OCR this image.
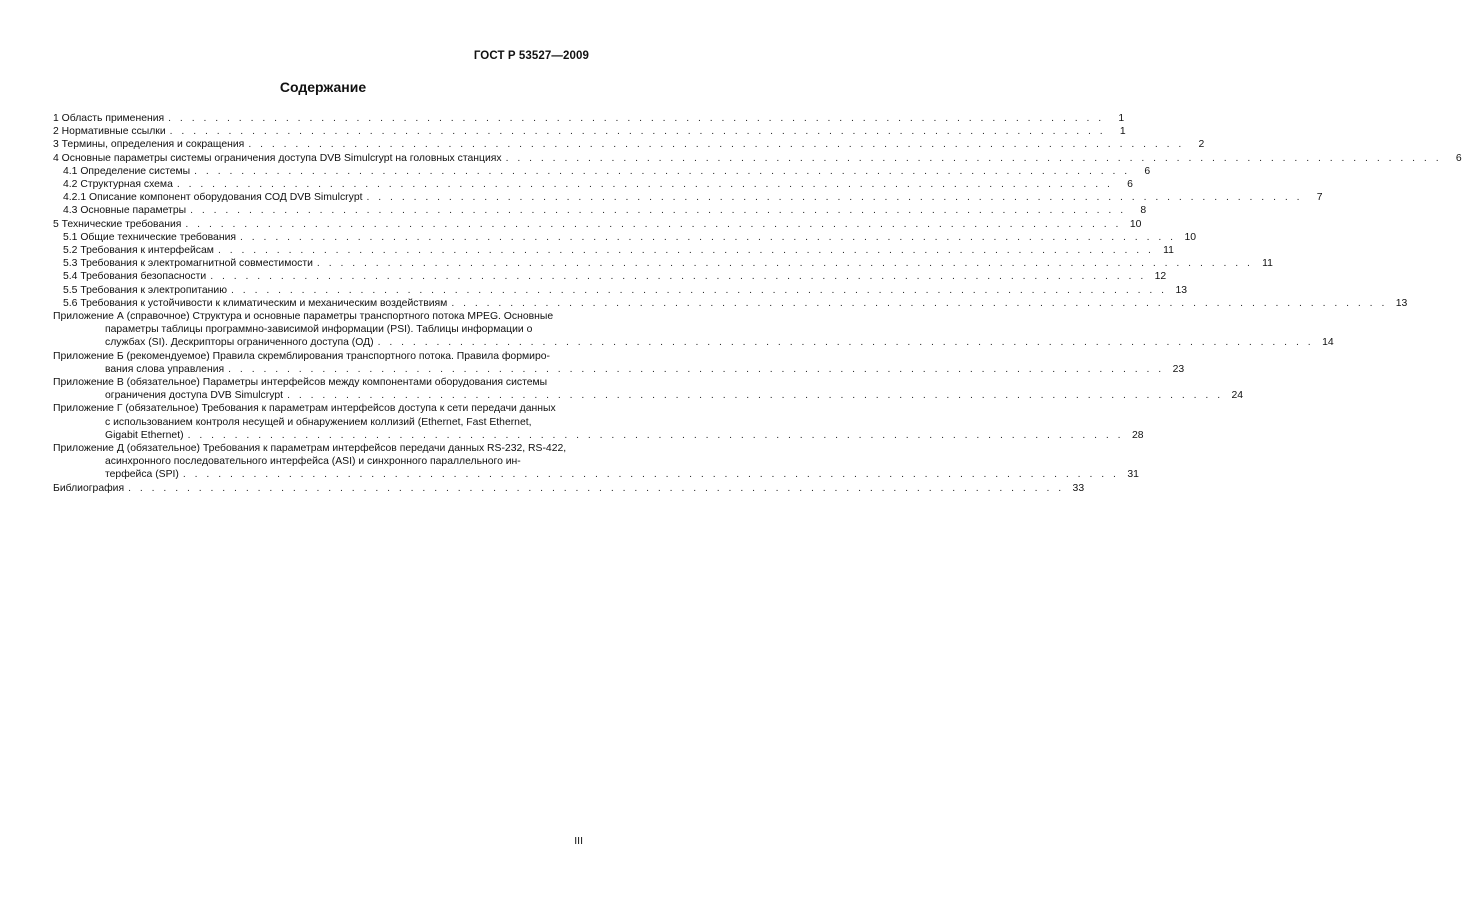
ГОСТ Р 53527—2009
Содержание
1 Область применения . . . . . . . . . . . . . . . . . . . . . . . . . . . . . . . . . . . . . . . . . . . . . . . . . . . . . . . . . . . . . . . . . . . . . . . . . . . . . . . .	1
2 Нормативные ссылки . . . . . . . . . . . . . . . . . . . . . . . . . . . . . . . . . . . . . . . . . . . . . . . . . . . . . . . . . . . . . . . . . . . . . . . . . . . . . . . .	1
3 Термины, определения и сокращения . . . . . . . . . . . . . . . . . . . . . . . . . . . . . . . . . . . . . . . . . . . . . . . . . . . . . . . . . . . . . . . . . . . . . . . . . . . . . . . .	2
4 Основные параметры системы ограничения доступа DVB Simulcrypt на головных станциях . . . . . . . . . . . . . . . . . . . . . . . . . . . . . . . . . . . . . . . . . . . . . . . . . . . . . . . . . . . . . . . . . . . . . . . . . . . . . . . .	6
4.1 Определение системы . . . . . . . . . . . . . . . . . . . . . . . . . . . . . . . . . . . . . . . . . . . . . . . . . . . . . . . . . . . . . . . . . . . . . . . . . . . . . . . .	6
4.2 Структурная схема . . . . . . . . . . . . . . . . . . . . . . . . . . . . . . . . . . . . . . . . . . . . . . . . . . . . . . . . . . . . . . . . . . . . . . . . . . . . . . . .	6
4.2.1 Описание компонент оборудования СОД DVB Simulcrypt . . . . . . . . . . . . . . . . . . . . . . . . . . . . . . . . . . . . . . . . . . . . . . . . . . . . . . . . . . . . . . . . . . . . . . . . . . . . . . . .	7
4.3 Основные параметры . . . . . . . . . . . . . . . . . . . . . . . . . . . . . . . . . . . . . . . . . . . . . . . . . . . . . . . . . . . . . . . . . . . . . . . . . . . . . . . .	8
5 Технические требования . . . . . . . . . . . . . . . . . . . . . . . . . . . . . . . . . . . . . . . . . . . . . . . . . . . . . . . . . . . . . . . . . . . . . . . . . . . . . . . . 10
5.1 Общие технические требования . . . . . . . . . . . . . . . . . . . . . . . . . . . . . . . . . . . . . . . . . . . . . . . . . . . . . . . . . . . . . . . . . . . . . . . . . . . . . . . . 10
5.2 Требования к интерфейсам . . . . . . . . . . . . . . . . . . . . . . . . . . . . . . . . . . . . . . . . . . . . . . . . . . . . . . . . . . . . . . . . . . . . . . . . . . . . . . . . 11
5.3 Требования к электромагнитной совместимости . . . . . . . . . . . . . . . . . . . . . . . . . . . . . . . . . . . . . . . . . . . . . . . . . . . . . . . . . . . . . . . . . . . . . . . . . . . . . . . . 11
5.4 Требования безопасности . . . . . . . . . . . . . . . . . . . . . . . . . . . . . . . . . . . . . . . . . . . . . . . . . . . . . . . . . . . . . . . . . . . . . . . . . . . . . . . . 12
5.5 Требования к электропитанию . . . . . . . . . . . . . . . . . . . . . . . . . . . . . . . . . . . . . . . . . . . . . . . . . . . . . . . . . . . . . . . . . . . . . . . . . . . . . . . . 13
5.6 Требования к устойчивости к климатическим и механическим воздействиям . . . . . . . . . . . . . . . . . . . . . . . . . . . . . . . . . . . . . . . . . . . . . . . . . . . . . . . . . . . . . . . . . . . . . . . . . . . . . . . . 13
Приложение А (справочное) Структура и основные параметры транспортного потока MPEG. Основные
параметры таблицы программно-зависимой информации (PSI). Таблицы информации о
службах (SI). Дескрипторы ограниченного доступа (ОД) . . . . . . . . . . . . . . . . . . . . . . . . . . . . . . . . . . . . . . . . . . . . . . . . . . . . . . . . . . . . . . . . . . . . . . . . . . . . . . . . 14
Приложение Б (рекомендуемое) Правила скремблирования транспортного потока. Правила формиро-
вания слова управления . . . . . . . . . . . . . . . . . . . . . . . . . . . . . . . . . . . . . . . . . . . . . . . . . . . . . . . . . . . . . . . . . . . . . . . . . . . . . . . . 23
Приложение В (обязательное) Параметры интерфейсов между компонентами оборудования системы
ограничения доступа DVB Simulcrypt . . . . . . . . . . . . . . . . . . . . . . . . . . . . . . . . . . . . . . . . . . . . . . . . . . . . . . . . . . . . . . . . . . . . . . . . . . . . . . . . 24
Приложение Г (обязательное) Требования к параметрам интерфейсов доступа к сети передачи данных
с использованием контроля несущей и обнаружением коллизий (Ethernet, Fast Ethernet,
Gigabit Ethernet) . . . . . . . . . . . . . . . . . . . . . . . . . . . . . . . . . . . . . . . . . . . . . . . . . . . . . . . . . . . . . . . . . . . . . . . . . . . . . . . . 28
Приложение Д (обязательное) Требования к параметрам интерфейсов передачи данных RS-232, RS-422,
асинхронного последовательного интерфейса (ASI) и синхронного параллельного ин-
терфейса (SPI) . . . . . . . . . . . . . . . . . . . . . . . . . . . . . . . . . . . . . . . . . . . . . . . . . . . . . . . . . . . . . . . . . . . . . . . . . . . . . . . . 31
Библиография . . . . . . . . . . . . . . . . . . . . . . . . . . . . . . . . . . . . . . . . . . . . . . . . . . . . . . . . . . . . . . . . . . . . . . . . . . . . . . . . 33
III
